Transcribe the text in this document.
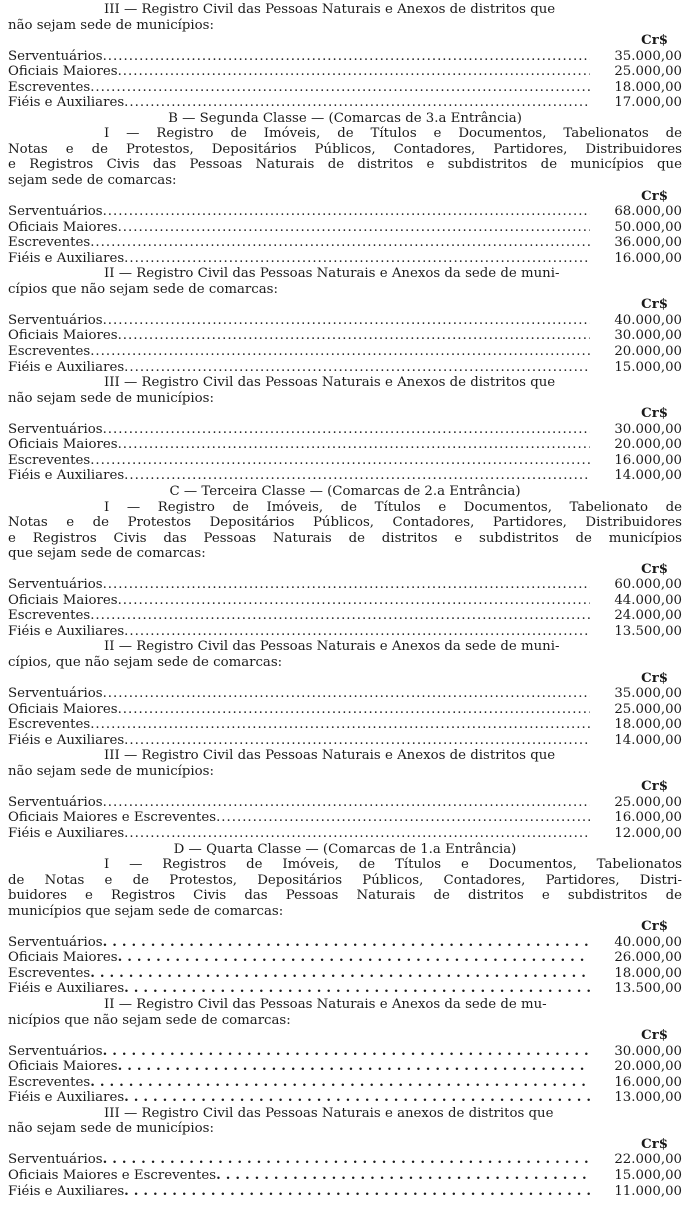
III — Registro Civil das Pessoas Naturais e Anexos de distritos que
não sejam sede de municípios:
Cr$
Serventuários .....	35.000,00
Oficiais Maiores .....	25.000,00
Escreventes .....	18.000,00
Fiéis e Auxiliares .....	17.000,00
B — Segunda Classe — (Comarcas de 3.a Entrância)
I — Registro de Imóveis, de Títulos e Documentos, Tabelionatos de
Notas e de Protestos, Depositários Públicos, Contadores, Partidores, Distribuidores
e Registros Civis das Pessoas Naturais de distritos e subdistritos de municípios que
sejam sede de comarcas:
Cr$
Serventuários .....	68.000,00
Oficiais Maiores .....	50.000,00
Escreventes .....	36.000,00
Fiéis e Auxiliares .....	16.000,00
II — Registro Civil das Pessoas Naturais e Anexos da sede de muni-
cípios que não sejam sede de comarcas:
Cr$
Serventuários .....	40.000,00
Oficiais Maiores .....	30.000,00
Escreventes .....	20.000,00
Fiéis e Auxiliares .....	15.000,00
III — Registro Civil das Pessoas Naturais e Anexos de distritos que
não sejam sede de municípios:
Cr$
Serventuários .....	30.000,00
Oficiais Maiores .....	20.000,00
Escreventes .....	16.000,00
Fiéis e Auxiliares .....	14.000,00
C — Terceira Classe — (Comarcas de 2.a Entrância)
I — Registro de Imóveis, de Títulos e Documentos, Tabelionato de
Notas e de Protestos Depositários Públicos, Contadores, Partidores, Distribuidores
e Registros Civis das Pessoas Naturais de distritos e subdistritos de municípios
que sejam sede de comarcas:
Cr$
Serventuários .....	60.000,00
Oficiais Maiores .....	44.000,00
Escreventes .....	24.000,00
Fiéis e Auxiliares .....	13.500,00
II — Registro Civil das Pessoas Naturais e Anexos da sede de muni-
cípios, que não sejam sede de comarcas:
Cr$
Serventuários .....	35.000,00
Oficiais Maiores .....	25.000,00
Escreventes .....	18.000,00
Fiéis e Auxiliares .....	14.000,00
III — Registro Civil das Pessoas Naturais e Anexos de distritos que
não sejam sede de municípios:
Cr$
Serventuários .....	25.000,00
Oficiais Maiores e Escreventes .....	16.000,00
Fiéis e Auxiliares .....	12.000,00
D — Quarta Classe — (Comarcas de 1.a Entrância)
I — Registros de Imóveis, de Títulos e Documentos, Tabelionatos
de Notas e de Protestos, Depositários Públicos, Contadores, Partidores, Distri-
buidores e Registros Civis das Pessoas Naturais de distritos e subdistritos de
municípios que sejam sede de comarcas:
Cr$
Serventuários .....	40.000,00
Oficiais Maiores .....	26.000,00
Escreventes .....	18.000,00
Fiéis e Auxiliares .....	13.500,00
II — Registro Civil das Pessoas Naturais e Anexos da sede de mu-
nicípios que não sejam sede de comarcas:
Cr$
Serventuários .....	30.000,00
Oficiais Maiores .....	20.000,00
Escreventes .....	16.000,00
Fiéis e Auxiliares .....	13.000,00
III — Registro Civil das Pessoas Naturais e anexos de distritos que
não sejam sede de municípios:
Cr$
Serventuários .....	22.000,00
Oficiais Maiores e Escreventes .....	15.000,00
Fiéis e Auxiliares .....	11.000,00
